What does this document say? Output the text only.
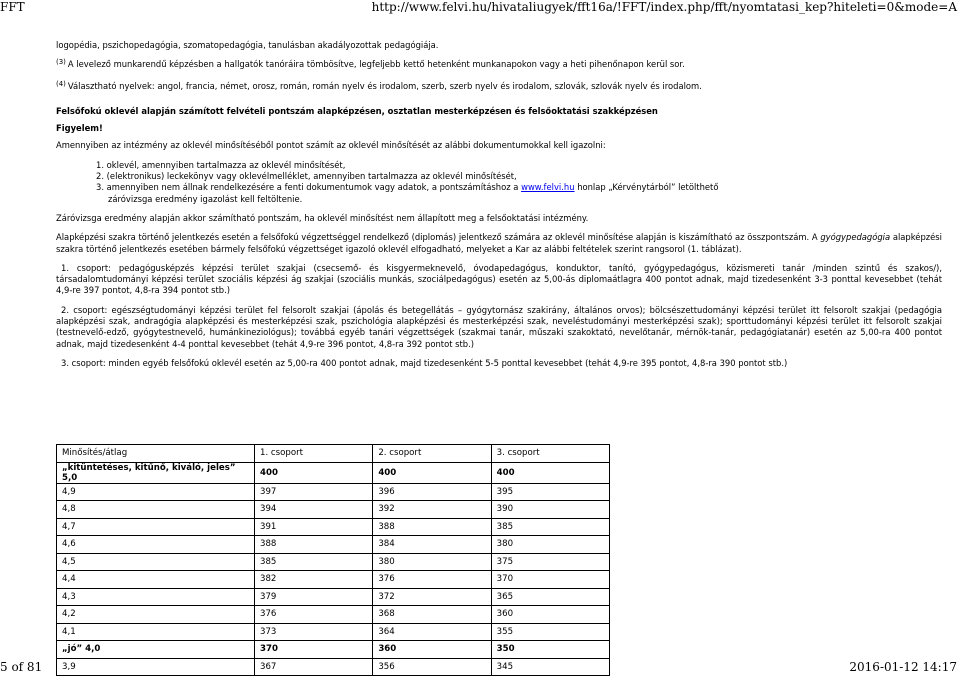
FFT	http://www.felvi.hu/hivataliugyek/fft16a/!FFT/index.php/fft/nyomtatasi_kep?hiteleti=0&mode=A
logopédia, pszichopedagógia, szomatopedagógia, tanulásban akadályozottak pedagógiája.
$^{(3)}$ A levelező munkarendű képzésben a hallgatók tanóráira tömbösítve, legfeljebb kettő hetenként munkanapokon vagy a heti pihenőnapon kerül sor.
$^{(4)}$ Választható nyelvek: angol, francia, német, orosz, román, román nyelv és irodalom, szerb, szerb nyelv és irodalom, szlovák, szlovák nyelv és irodalom.
Felsőfokú oklevél alapján számított felvételi pontszám alapképzésen, osztatlan mesterképzésen és felsőoktatási szakképzésen
Figyelem!
Amennyiben az intézmény az oklevél minősítéséből pontot számít az oklevél minősítését az alábbi dokumentumokkal kell igazolni:
1. oklevél, amennyiben tartalmazza az oklevél minősítését,
2. (elektronikus) leckekönyv vagy oklevélmelléklet, amennyiben tartalmazza az oklevél minősítését,
3. amennyiben nem állnak rendelkezésére a fenti dokumentumok vagy adatok, a pontszámításhoz a www.felvi.hu honlap „Kérvénytárból” letölthető
záróvizsga eredmény igazolást kell feltöltenie.
Záróvizsga eredmény alapján akkor számítható pontszám, ha oklevél minősítést nem állapított meg a felsőoktatási intézmény.
Alapképzési szakra történő jelentkezés esetén a felsőfokú végzettséggel rendelkező (diplomás) jelentkező számára az oklevél minősítése alapján is kiszámítható az összpontszám. A gyógypedagógia alapképzési szakra történő jelentkezés esetében bármely felsőfokú végzettséget igazoló oklevél elfogadható, melyeket a Kar az alábbi feltételek szerint rangsorol (1. táblázat).
1. csoport: pedagógusképzés képzési terület szakjai (csecsemő- és kisgyermeknevelő, óvodapedagógus, konduktor, tanító, gyógypedagógus, közismereti tanár /minden szintű és szakos/), társadalomtudományi képzési terület szociális képzési ág szakjai (szociális munkás, szociálpedagógus) esetén az 5,00-ás diplomaátlagra 400 pontot adnak, majd tizedesenként 3-3 ponttal kevesebbet (tehát 4,9-re 397 pontot, 4,8-ra 394 pontot stb.)
2. csoport: egészségtudományi képzési terület fel felsorolt szakjai (ápolás és betegellátás – gyógytornász szakirány, általános orvos); bölcsészettudományi képzési terület itt felsorolt szakjai (pedagógia alapképzési szak, andragógia alapképzési és mesterképzési szak, pszichológia alapképzési és mesterképzési szak, neveléstudományi mesterképzési szak); sporttudományi képzési terület itt felsorolt szakjai (testnevelő-edző, gyógytestnevelő, humánkineziológus); továbbá egyéb tanári végzettségek (szakmai tanár, műszaki szakoktató, nevelőtanár, mérnök-tanár, pedagógiatanár) esetén az 5,00-ra 400 pontot adnak, majd tizedesenként 4-4 ponttal kevesebbet (tehát 4,9-re 396 pontot, 4,8-ra 392 pontot stb.)
3. csoport: minden egyéb felsőfokú oklevél esetén az 5,00-ra 400 pontot adnak, majd tizedesenként 5-5 ponttal kevesebbet (tehát 4,9-re 395 pontot, 4,8-ra 390 pontot stb.)
Minősítés/átlag	1. csoport	2. csoport	3. csoport
„kitüntetéses, kitűnő, kiváló, jeles” 5,0	400	400	400
4,9	397	396	395
4,8	394	392	390
4,7	391	388	385
4,6	388	384	380
4,5	385	380	375
4,4	382	376	370
4,3	379	372	365
4,2	376	368	360
4,1	373	364	355
„jó” 4,0	370	360	350
3,9	367	356	345
5 of 81	2016-01-12 14:17
